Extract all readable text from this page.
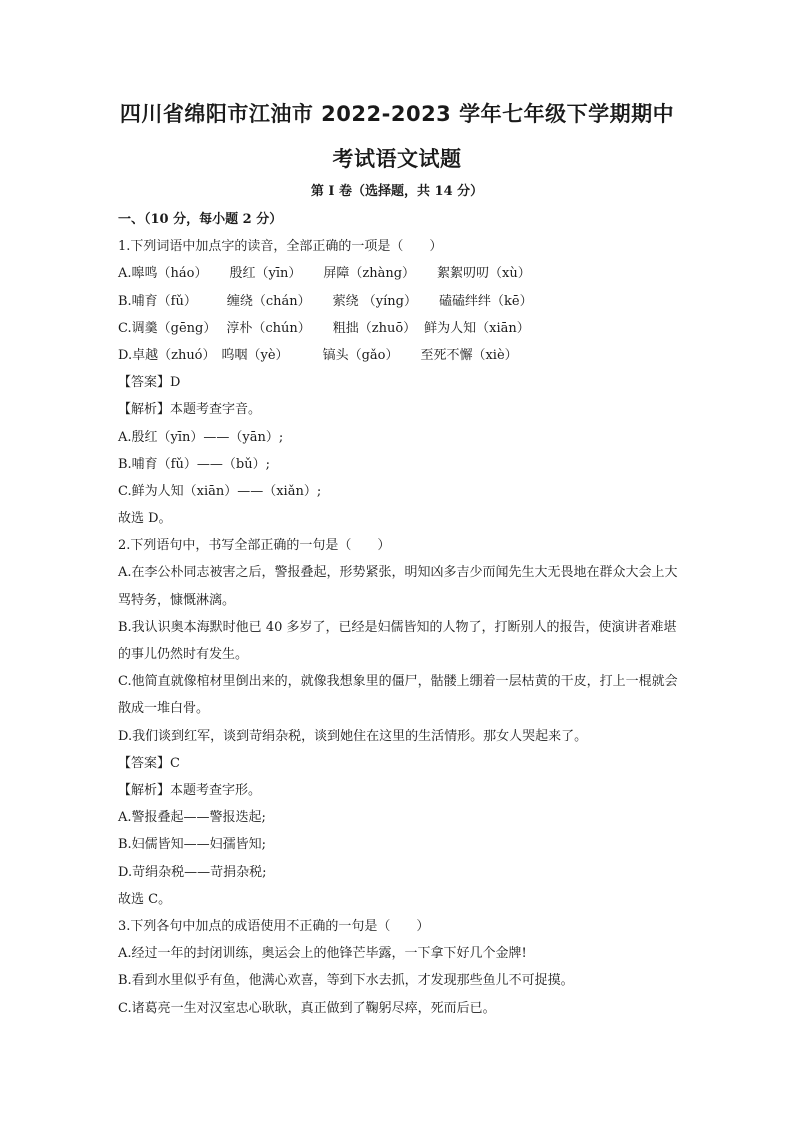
四川省绵阳市江油市 2022-2023 学年七年级下学期期中
考试语文试题
第 I 卷（选择题，共 14 分）
一、（10 分，每小题 2 分）
1.下列词语中加点字的读音，全部正确的一项是（　　）
A.嗥鸣（háo） 殷红（yīn） 屏障（zhàng） 絮絮叨叨（xù）
B.哺育（fǔ） 缠绕（chán） 萦绕 （yíng） 磕磕绊绊（kē）
C.调羹（gēng） 淳朴（chún） 粗拙（zhuō） 鲜为人知（xiān）
D.卓越（zhuó） 呜咽（yè）	镐头（gǎo） 至死不懈（xiè）
【答案】D
【解析】本题考查字音。
A.殷红（yīn）——（yān）;
B.哺育（fǔ）——（bǔ）;
C.鲜为人知（xiān）——（xiǎn）;
故选 D。
2.下列语句中，书写全部正确的一句是（　　）
A.在李公朴同志被害之后，警报叠起，形势紧张，明知凶多吉少而闻先生大无畏地在群众大会上大骂特务，慷慨淋漓。
B.我认识奥本海默时他已 40 多岁了，已经是妇儒皆知的人物了，打断别人的报告，使演讲者难堪的事儿仍然时有发生。
C.他简直就像棺材里倒出来的，就像我想象里的僵尸，骷髅上绷着一层枯黄的干皮，打上一棍就会散成一堆白骨。
D.我们谈到红军，谈到苛绢杂税，谈到她住在这里的生活情形。那女人哭起来了。
【答案】C
【解析】本题考查字形。
A.警报叠起——警报迭起;
B.妇儒皆知——妇孺皆知;
D.苛绢杂税——苛捐杂税;
故选 C。
3.下列各句中加点的成语使用不正确的一句是（　　）
A.经过一年的封闭训练，奥运会上的他锋芒毕露，一下拿下好几个金牌!
B.看到水里似乎有鱼，他满心欢喜，等到下水去抓，才发现那些鱼儿不可捉摸。
C.诸葛亮一生对汉室忠心耿耿，真正做到了鞠躬尽瘁，死而后已。
